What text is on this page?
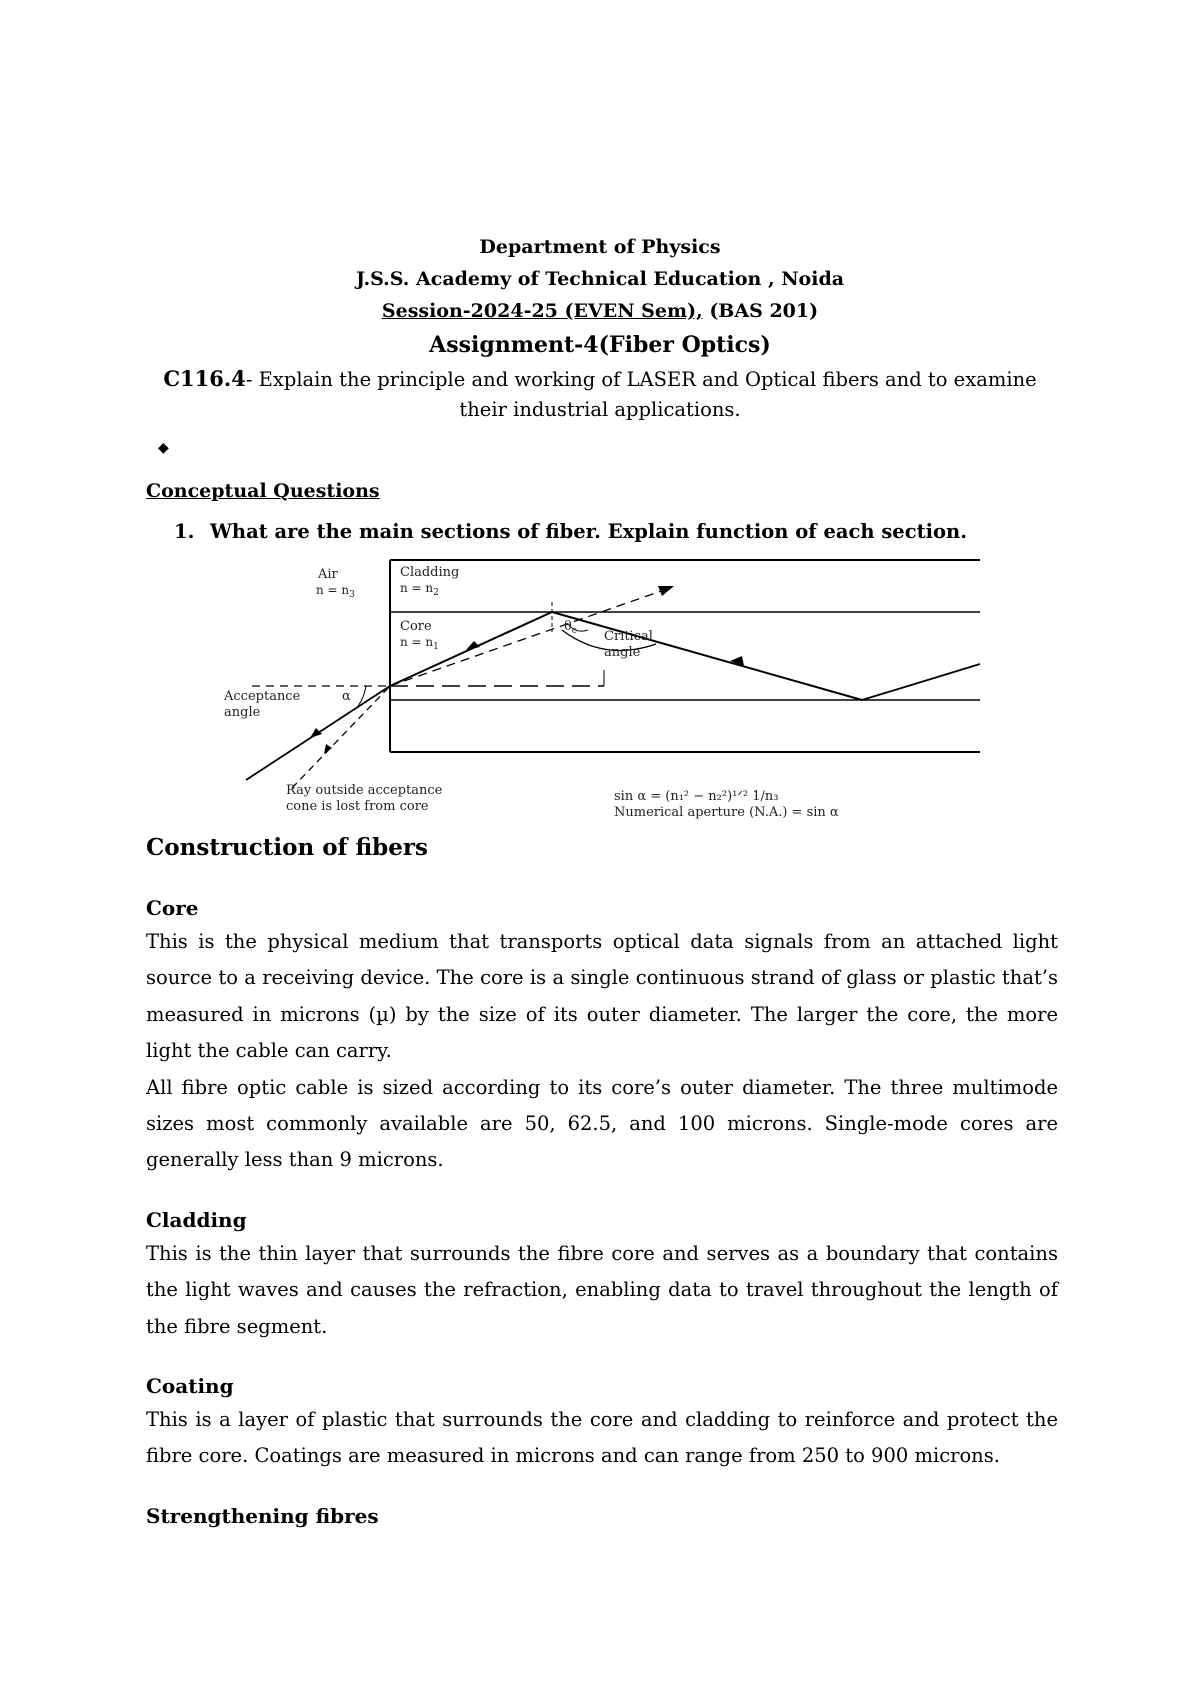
Department of Physics
J.S.S. Academy of Technical Education , Noida
Session-2024-25 (EVEN Sem), (BAS 201)
Assignment-4(Fiber Optics)
C116.4- Explain the principle and working of LASER and Optical fibers and to examine their industrial applications.
◆
Conceptual Questions
1. What are the main sections of fiber. Explain function of each section.
Air
$n = n_3$
Cladding
$n = n_2$
Core
$n = n_1$
$\theta_c$ Critical
angle
Acceptance
angle
α
Ray outside acceptance
cone is lost from core
sin α = (n₁² − n₂²)¹ᐟ² 1/n₃
Numerical aperture (N.A.) = sin α
Construction of fibers
Core

This is the physical medium that transports optical data signals from an attached light source to a receiving device. The core is a single continuous strand of glass or plastic that’s measured in microns (µ) by the size of its outer diameter. The larger the core, the more light the cable can carry.

All fibre optic cable is sized according to its core’s outer diameter. The three multimode sizes most commonly available are 50, 62.5, and 100 microns. Single-mode cores are generally less than 9 microns.

Cladding

This is the thin layer that surrounds the fibre core and serves as a boundary that contains the light waves and causes the refraction, enabling data to travel throughout the length of the fibre segment.

Coating

This is a layer of plastic that surrounds the core and cladding to reinforce and protect the fibre core. Coatings are measured in microns and can range from 250 to 900 microns.

Strengthening fibres
